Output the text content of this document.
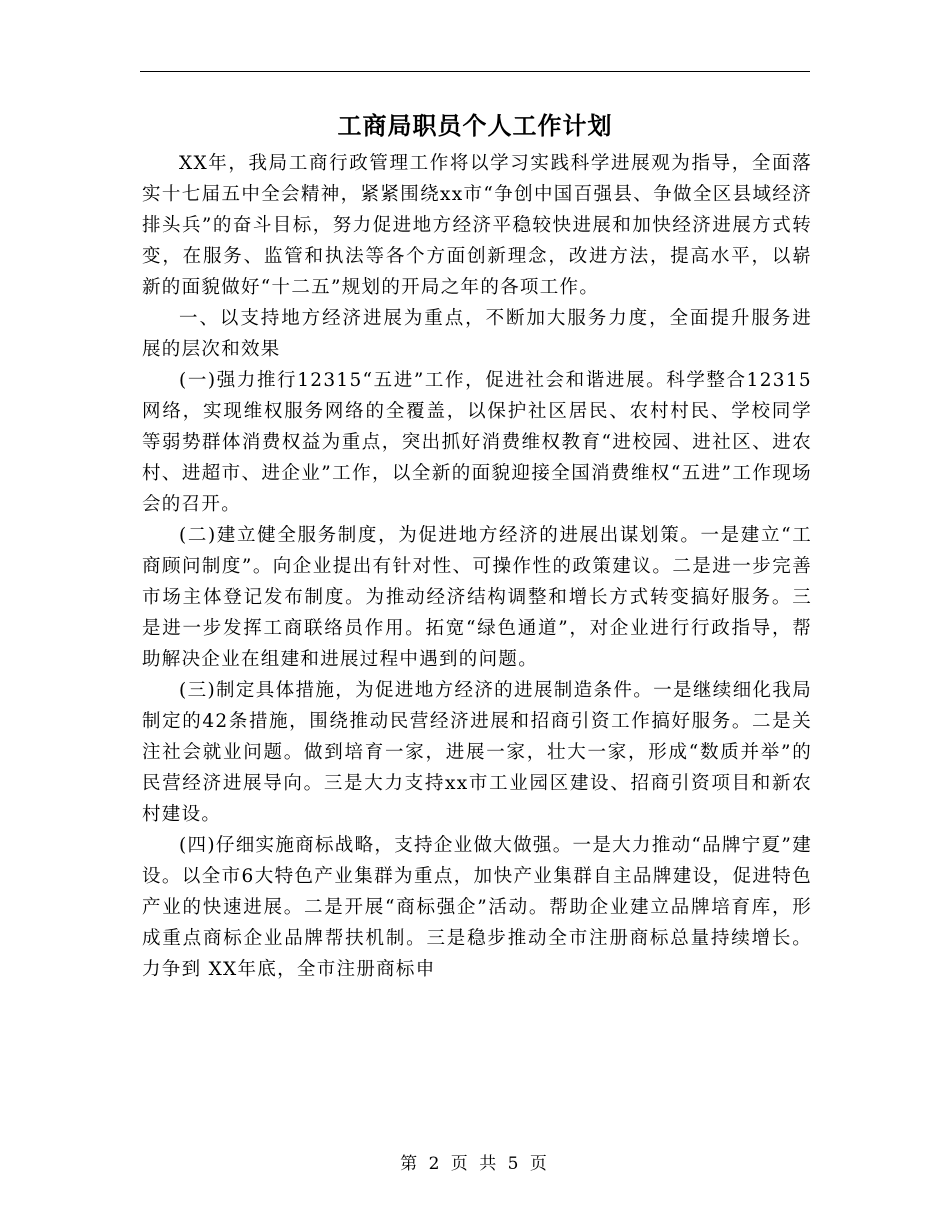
工商局职员个人工作计划

XX年，我局工商行政管理工作将以学习实践科学进展观为指导，全面落实十七届五中全会精神，紧紧围绕xx市“争创中国百强县、争做全区县域经济排头兵”的奋斗目标，努力促进地方经济平稳较快进展和加快经济进展方式转变，在服务、监管和执法等各个方面创新理念，改进方法，提高水平，以崭新的面貌做好“十二五”规划的开局之年的各项工作。

一、以支持地方经济进展为重点，不断加大服务力度，全面提升服务进展的层次和效果

(一)强力推行12315“五进”工作，促进社会和谐进展。科学整合12315网络，实现维权服务网络的全覆盖，以保护社区居民、农村村民、学校同学等弱势群体消费权益为重点，突出抓好消费维权教育“进校园、进社区、进农村、进超市、进企业”工作，以全新的面貌迎接全国消费维权“五进”工作现场会的召开。

(二)建立健全服务制度，为促进地方经济的进展出谋划策。一是建立“工商顾问制度”。向企业提出有针对性、可操作性的政策建议。二是进一步完善市场主体登记发布制度。为推动经济结构调整和增长方式转变搞好服务。三是进一步发挥工商联络员作用。拓宽“绿色通道”，对企业进行行政指导，帮助解决企业在组建和进展过程中遇到的问题。

(三)制定具体措施，为促进地方经济的进展制造条件。一是继续细化我局制定的42条措施，围绕推动民营经济进展和招商引资工作搞好服务。二是关注社会就业问题。做到培育一家，进展一家，壮大一家，形成“数质并举”的民营经济进展导向。三是大力支持xx市工业园区建设、招商引资项目和新农村建设。

(四)仔细实施商标战略，支持企业做大做强。一是大力推动“品牌宁夏”建设。以全市6大特色产业集群为重点，加快产业集群自主品牌建设，促进特色产业的快速进展。二是开展“商标强企”活动。帮助企业建立品牌培育库，形成重点商标企业品牌帮扶机制。三是稳步推动全市注册商标总量持续增长。力争到 XX年底，全市注册商标申

第 2 页 共 5 页
